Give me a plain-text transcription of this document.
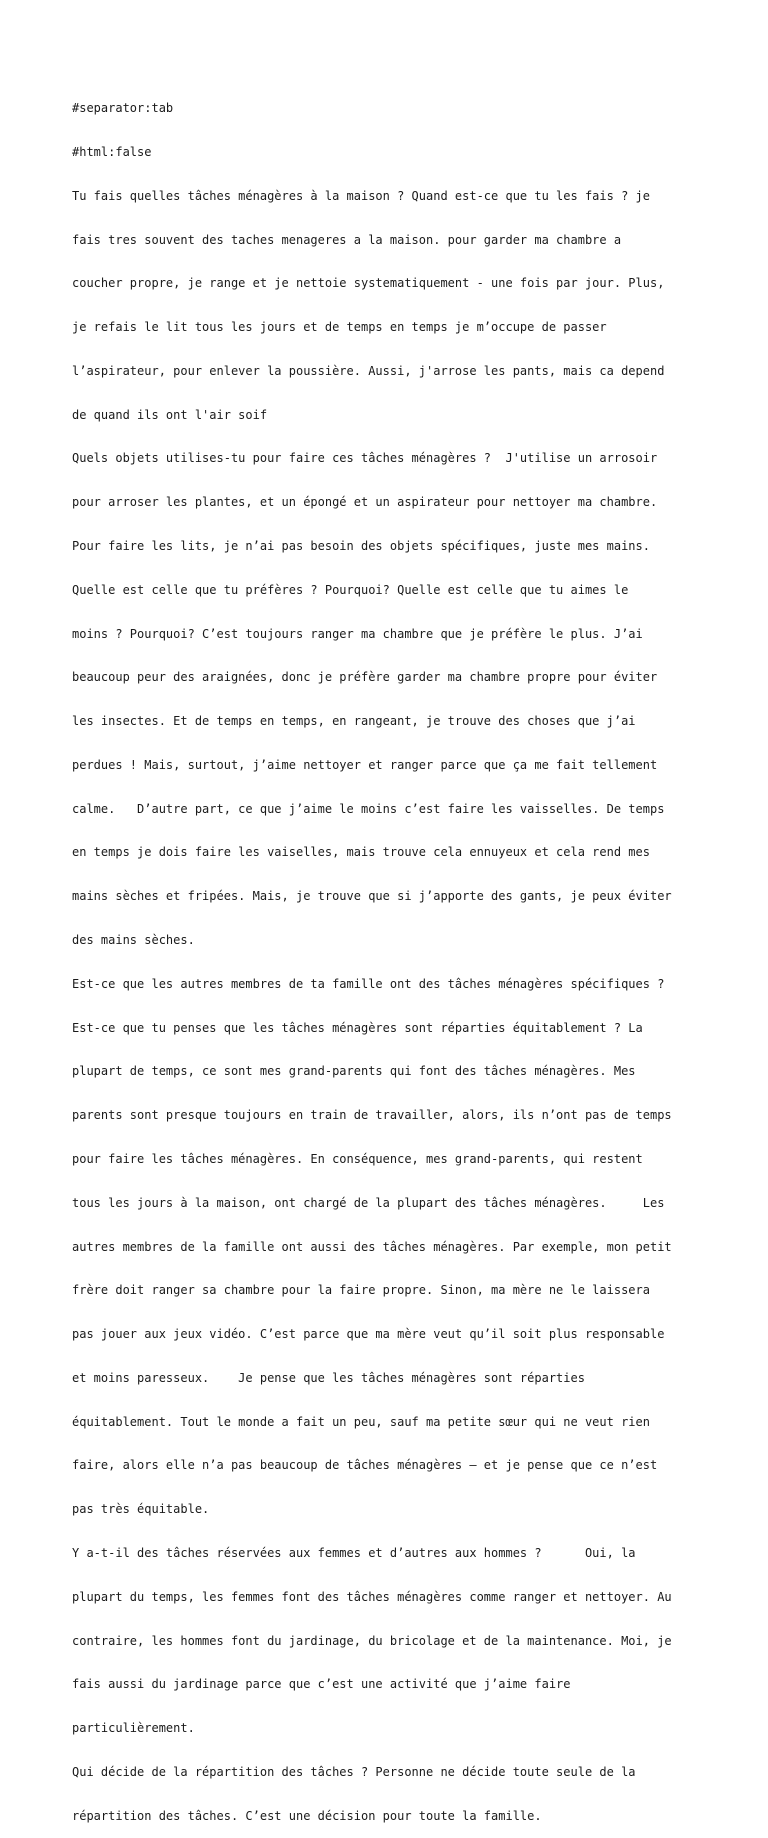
#separator:tab

#html:false

Tu fais quelles tâches ménagères à la maison ? Quand est-ce que tu les fais ? je

fais tres souvent des taches menageres a la maison. pour garder ma chambre a

coucher propre, je range et je nettoie systematiquement - une fois par jour. Plus,

je refais le lit tous les jours et de temps en temps je m’occupe de passer

l’aspirateur, pour enlever la poussière. Aussi, j'arrose les pants, mais ca depend

de quand ils ont l'air soif

Quels objets utilises-tu pour faire ces tâches ménagères ?  J'utilise un arrosoir

pour arroser les plantes, et un épongé et un aspirateur pour nettoyer ma chambre.

Pour faire les lits, je n’ai pas besoin des objets spécifiques, juste mes mains.

Quelle est celle que tu préfères ? Pourquoi? Quelle est celle que tu aimes le

moins ? Pourquoi? C’est toujours ranger ma chambre que je préfère le plus. J’ai

beaucoup peur des araignées, donc je préfère garder ma chambre propre pour éviter

les insectes. Et de temps en temps, en rangeant, je trouve des choses que j’ai

perdues ! Mais, surtout, j’aime nettoyer et ranger parce que ça me fait tellement

calme.   D’autre part, ce que j’aime le moins c’est faire les vaisselles. De temps

en temps je dois faire les vaiselles, mais trouve cela ennuyeux et cela rend mes

mains sèches et fripées. Mais, je trouve que si j’apporte des gants, je peux éviter

des mains sèches.

Est-ce que les autres membres de ta famille ont des tâches ménagères spécifiques ?

Est-ce que tu penses que les tâches ménagères sont réparties équitablement ? La

plupart de temps, ce sont mes grand-parents qui font des tâches ménagères. Mes

parents sont presque toujours en train de travailler, alors, ils n’ont pas de temps

pour faire les tâches ménagères. En conséquence, mes grand-parents, qui restent

tous les jours à la maison, ont chargé de la plupart des tâches ménagères.     Les

autres membres de la famille ont aussi des tâches ménagères. Par exemple, mon petit

frère doit ranger sa chambre pour la faire propre. Sinon, ma mère ne le laissera

pas jouer aux jeux vidéo. C’est parce que ma mère veut qu’il soit plus responsable

et moins paresseux.    Je pense que les tâches ménagères sont réparties

équitablement. Tout le monde a fait un peu, sauf ma petite sœur qui ne veut rien

faire, alors elle n’a pas beaucoup de tâches ménagères — et je pense que ce n’est

pas très équitable.

Y a-t-il des tâches réservées aux femmes et d’autres aux hommes ?      Oui, la

plupart du temps, les femmes font des tâches ménagères comme ranger et nettoyer. Au

contraire, les hommes font du jardinage, du bricolage et de la maintenance. Moi, je

fais aussi du jardinage parce que c’est une activité que j’aime faire

particulièrement.

Qui décide de la répartition des tâches ? Personne ne décide toute seule de la

répartition des tâches. C’est une décision pour toute la famille.
